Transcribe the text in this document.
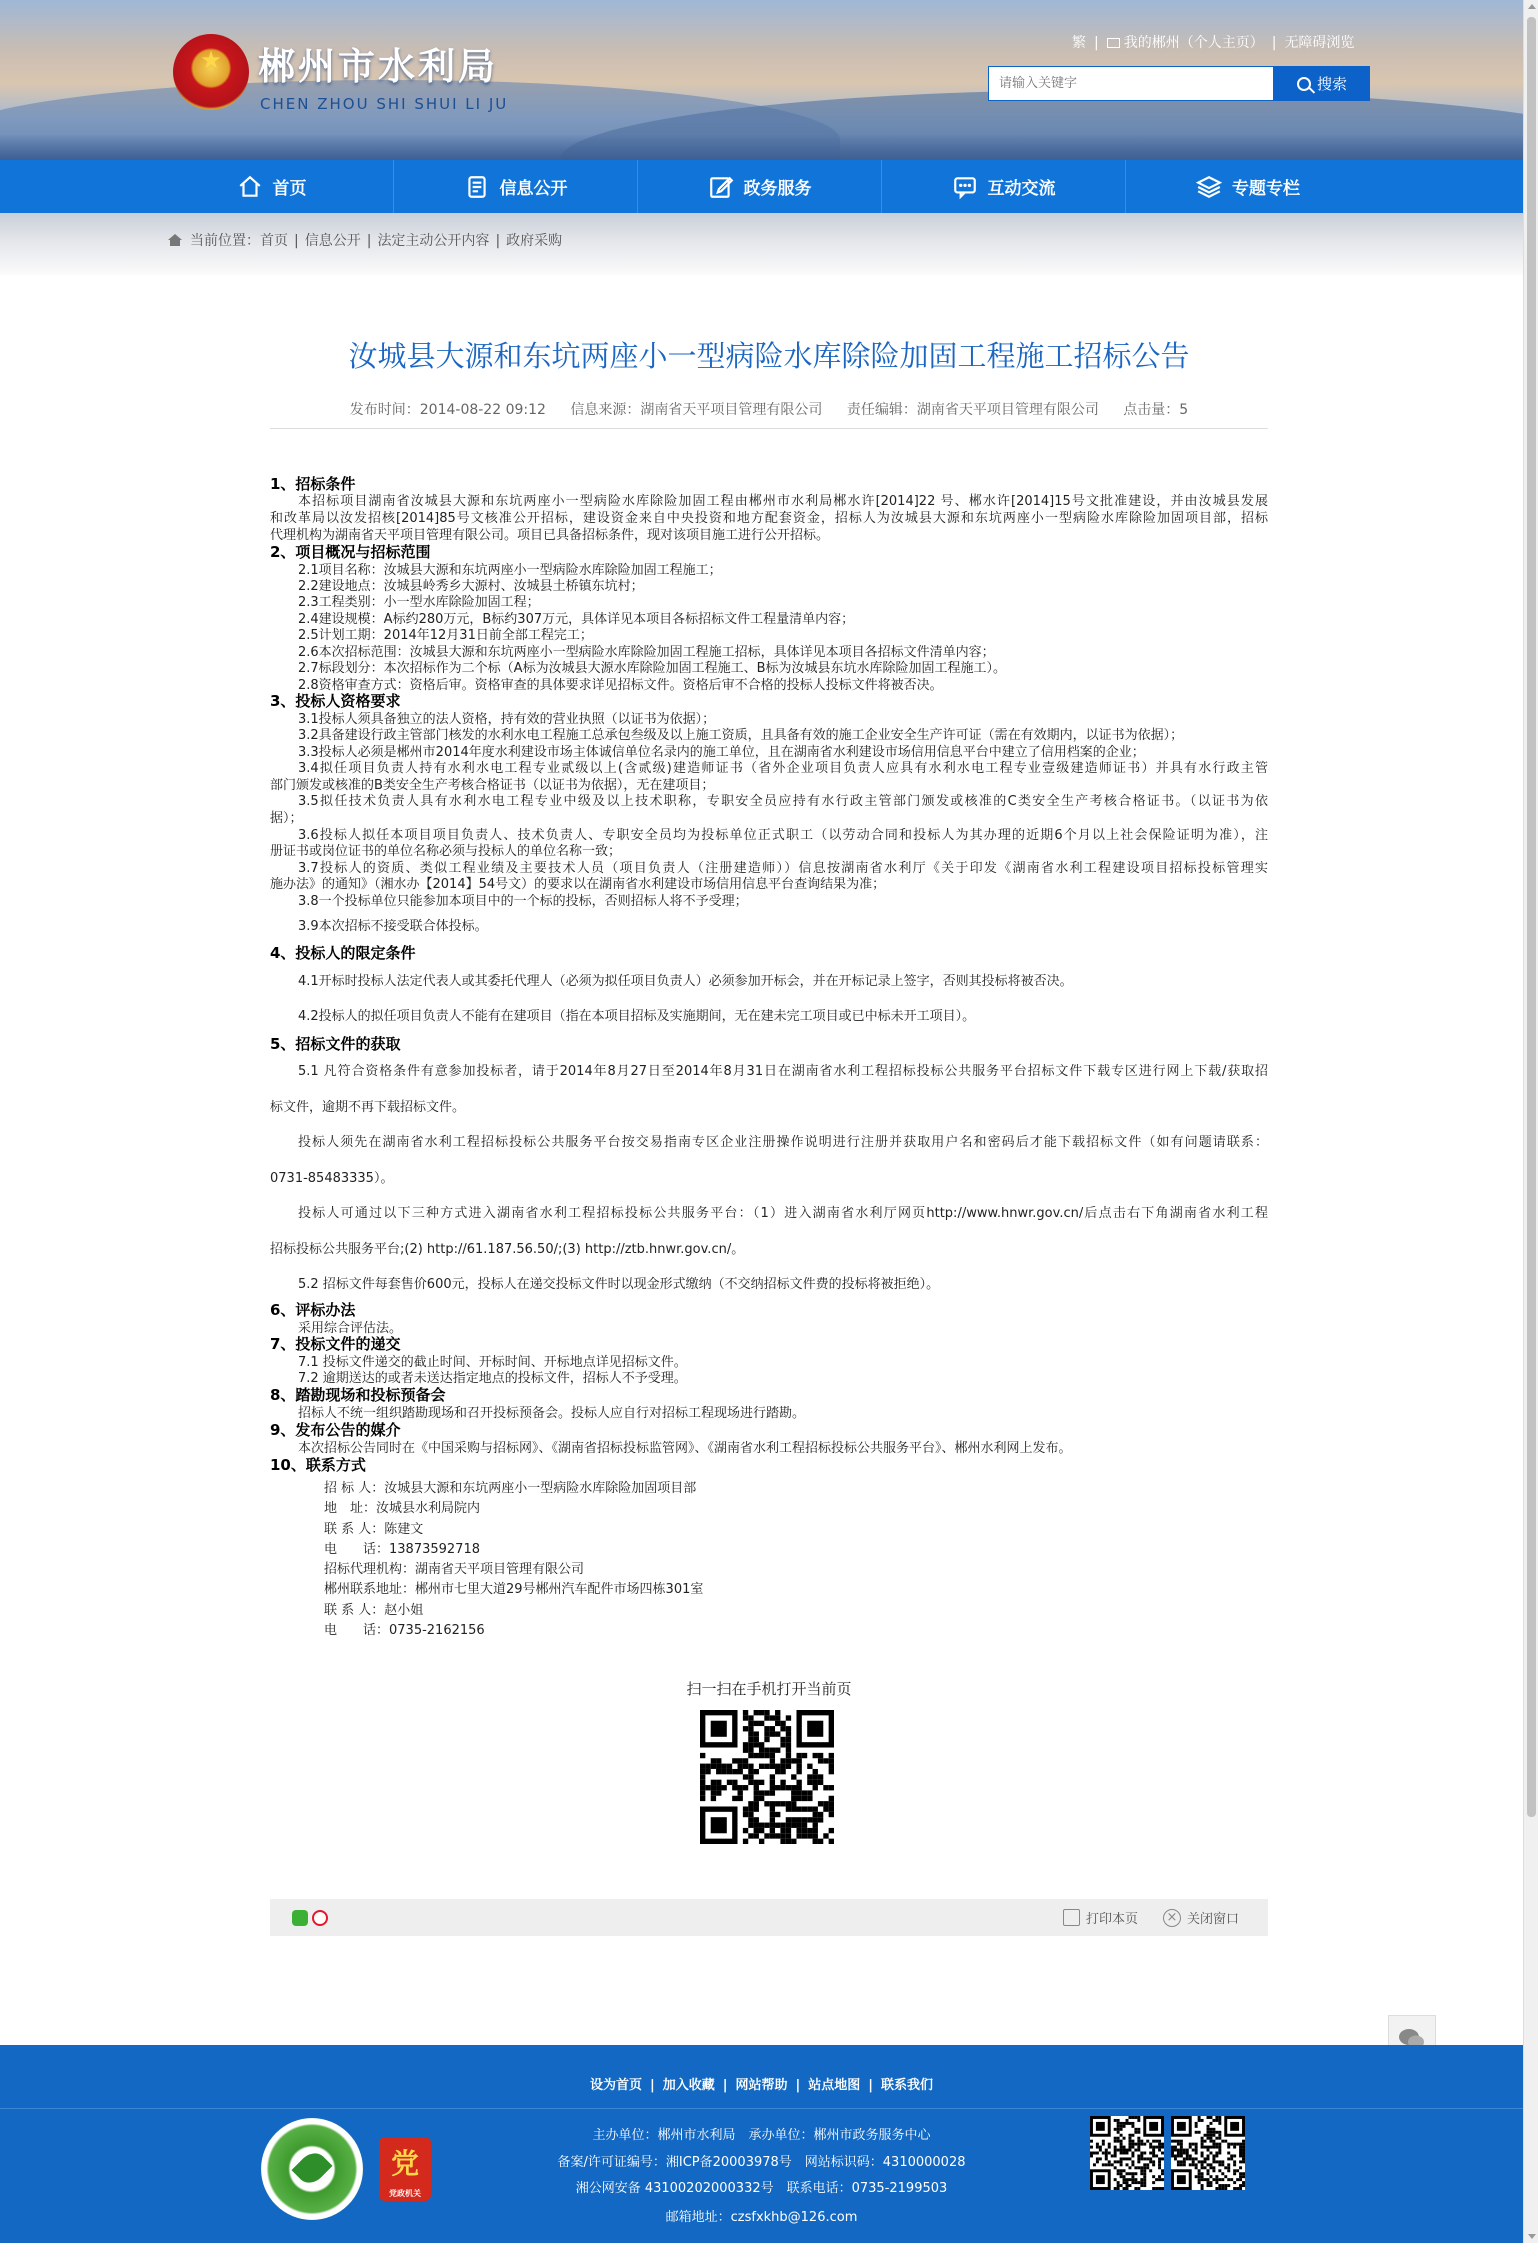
★ 郴州市水利局
CHEN ZHOU SHI SHUI LI JU
繁 | 我的郴州（个人主页） | 无障碍浏览
请输入关键字
搜索
首页	信息公开	政务服务	互动交流	专题专栏
当前位置：首页 | 信息公开 | 法定主动公开内容 | 政府采购
汝城县大源和东坑两座小一型病险水库除险加固工程施工招标公告
发布时间：2014-08-22 09:12 信息来源：湖南省天平项目管理有限公司 责任编辑：湖南省天平项目管理有限公司 点击量：5
1、招标条件
本招标项目湖南省汝城县大源和东坑两座小一型病险水库除险加固工程由郴州市水利局郴水许[2014]22 号、郴水许[2014]15号文批准建设，并由汝城县发展
和改革局以汝发招核[2014]85号文核准公开招标，建设资金来自中央投资和地方配套资金，招标人为汝城县大源和东坑两座小一型病险水库除险加固项目部，招标
代理机构为湖南省天平项目管理有限公司。项目已具备招标条件，现对该项目施工进行公开招标。
2、项目概况与招标范围
2.1项目名称：汝城县大源和东坑两座小一型病险水库除险加固工程施工；
2.2建设地点：汝城县岭秀乡大源村、汝城县土桥镇东坑村；
2.3工程类别：小一型水库除险加固工程；
2.4建设规模：A标约280万元，B标约307万元，具体详见本项目各标招标文件工程量清单内容；
2.5计划工期：2014年12月31日前全部工程完工；
2.6本次招标范围：汝城县大源和东坑两座小一型病险水库除险加固工程施工招标，具体详见本项目各招标文件清单内容；
2.7标段划分：本次招标作为二个标（A标为汝城县大源水库除险加固工程施工、B标为汝城县东坑水库除险加固工程施工）。
2.8资格审查方式：资格后审。资格审查的具体要求详见招标文件。资格后审不合格的投标人投标文件将被否决。
3、投标人资格要求
3.1投标人须具备独立的法人资格，持有效的营业执照（以证书为依据）；
3.2具备建设行政主管部门核发的水利水电工程施工总承包叁级及以上施工资质，且具备有效的施工企业安全生产许可证（需在有效期内，以证书为依据）；
3.3投标人必须是郴州市2014年度水利建设市场主体诚信单位名录内的施工单位，且在湖南省水利建设市场信用信息平台中建立了信用档案的企业；
3.4拟任项目负责人持有水利水电工程专业贰级以上(含贰级)建造师证书（省外企业项目负责人应具有水利水电工程专业壹级建造师证书）并具有水行政主管
部门颁发或核准的B类安全生产考核合格证书（以证书为依据），无在建项目；
3.5拟任技术负责人具有水利水电工程专业中级及以上技术职称，专职安全员应持有水行政主管部门颁发或核准的C类安全生产考核合格证书。（以证书为依
据）；
3.6投标人拟任本项目项目负责人、技术负责人、专职安全员均为投标单位正式职工（以劳动合同和投标人为其办理的近期6个月以上社会保险证明为准），注
册证书或岗位证书的单位名称必须与投标人的单位名称一致；
3.7投标人的资质、类似工程业绩及主要技术人员（项目负责人（注册建造师））信息按湖南省水利厅《关于印发《湖南省水利工程建设项目招标投标管理实
施办法》的通知》（湘水办【2014】54号文）的要求以在湖南省水利建设市场信用信息平台查询结果为准；
3.8一个投标单位只能参加本项目中的一个标的投标，否则招标人将不予受理；
3.9本次招标不接受联合体投标。
4、投标人的限定条件
4.1开标时投标人法定代表人或其委托代理人（必须为拟任项目负责人）必须参加开标会，并在开标记录上签字，否则其投标将被否决。
4.2投标人的拟任项目负责人不能有在建项目（指在本项目招标及实施期间，无在建未完工项目或已中标未开工项目）。
5、招标文件的获取
5.1 凡符合资格条件有意参加投标者，请于2014年8月27日至2014年8月31日在湖南省水利工程招标投标公共服务平台招标文件下载专区进行网上下载/获取招
标文件，逾期不再下载招标文件。
投标人须先在湖南省水利工程招标投标公共服务平台按交易指南专区企业注册操作说明进行注册并获取用户名和密码后才能下载招标文件（如有问题请联系：
0731-85483335）。
投标人可通过以下三种方式进入湖南省水利工程招标投标公共服务平台：（1）进入湖南省水利厅网页http://www.hnwr.gov.cn/后点击右下角湖南省水利工程
招标投标公共服务平台;(2) http://61.187.56.50/;(3) http://ztb.hnwr.gov.cn/。
5.2 招标文件每套售价600元，投标人在递交投标文件时以现金形式缴纳（不交纳招标文件费的投标将被拒绝）。
6、评标办法
采用综合评估法。
7、投标文件的递交
7.1 投标文件递交的截止时间、开标时间、开标地点详见招标文件。
7.2 逾期送达的或者未送达指定地点的投标文件，招标人不予受理。
8、踏勘现场和投标预备会
招标人不统一组织踏勘现场和召开投标预备会。投标人应自行对招标工程现场进行踏勘。
9、发布公告的媒介
本次招标公告同时在《中国采购与招标网》、《湖南省招标投标监管网》、《湖南省水利工程招标投标公共服务平台》、郴州水利网上发布。
10、联系方式
招 标 人：汝城县大源和东坑两座小一型病险水库除险加固项目部
地　址：汝城县水利局院内
联 系 人：陈建文
电　　话：13873592718
招标代理机构：湖南省天平项目管理有限公司
郴州联系地址：郴州市七里大道29号郴州汽车配件市场四栋301室
联 系 人：赵小姐
电　　话：0735-2162156
扫一扫在手机打开当前页
打印本页 × 关闭窗口
设为首页 | 加入收藏 | 网站帮助 | 站点地图 | 联系我们
主办单位：郴州市水利局　承办单位：郴州市政务服务中心
备案/许可证编号：湘ICP备20003978号　网站标识码：4310000028
湘公网安备 43100202000332号　联系电话：0735-2199503
邮箱地址：czsfxkhb@126.com
党
党政机关
